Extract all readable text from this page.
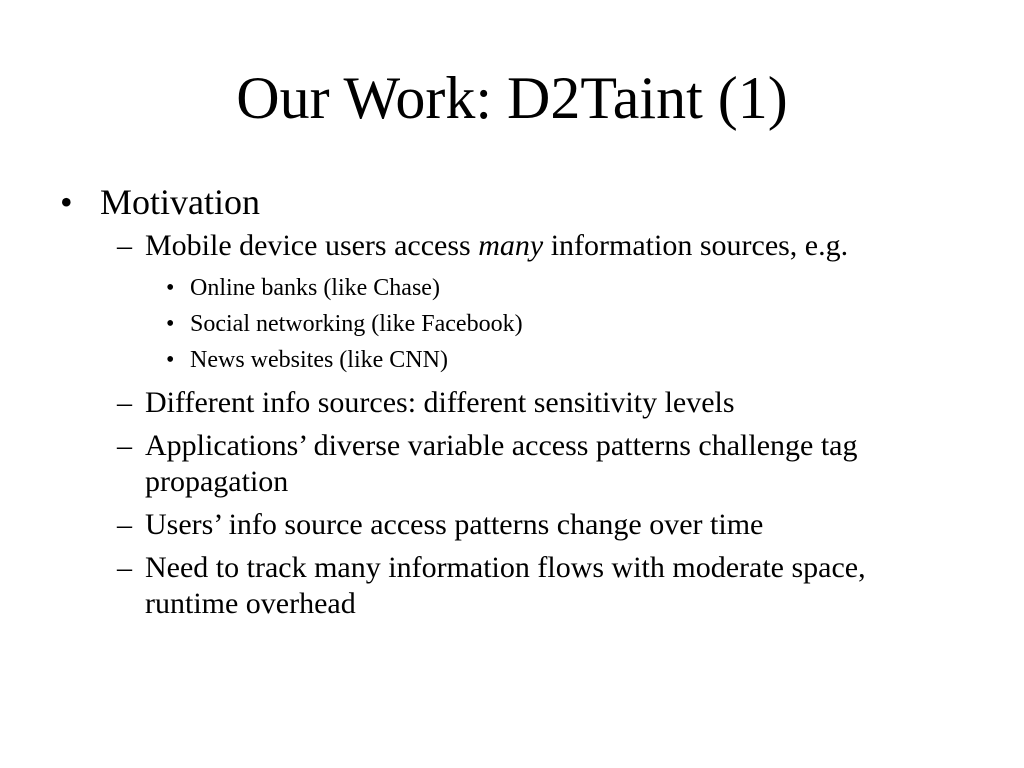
Our Work: D2Taint (1)
• Motivation
– Mobile device users access many information sources, e.g.
• Online banks (like Chase)
• Social networking (like Facebook)
• News websites (like CNN)
– Different info sources: different sensitivity levels
– Applications’ diverse variable access patterns challenge tag propagation
– Users’ info source access patterns change over time
– Need to track many information flows with moderate space, runtime overhead
